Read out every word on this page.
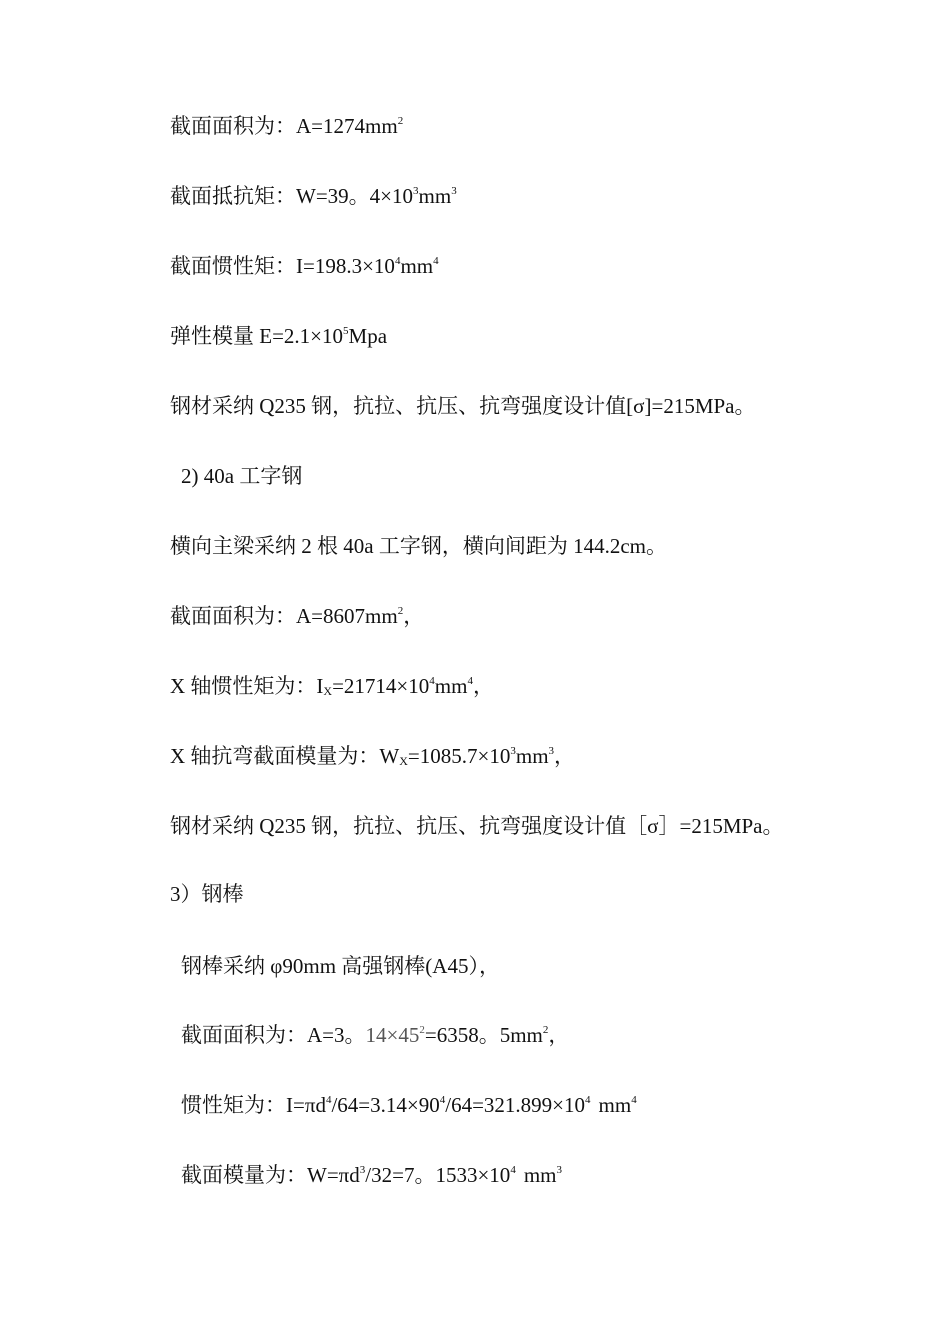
截面面积为：$A=1274mm^2$
截面抵抗矩：W=39。$4\times 10^3mm^3$
截面惯性矩：$I=198.3\times 10^4mm^4$
弹性模量 $E=2.1\times 10^5Mpa$
钢材采纳 Q235 钢，抗拉、抗压、抗弯强度设计值[σ]=215MPa。
2) 40a 工字钢
横向主梁采纳 2 根 40a 工字钢，横向间距为 144.2cm。
截面面积为：$A=8607mm^2$，
X 轴惯性矩为：$I_X=21714\times 10^4mm^4$，
X 轴抗弯截面模量为：$W_X=1085.7\times 10^3mm^3$，
钢材采纳 Q235 钢，抗拉、抗压、抗弯强度设计值［σ］=215MPa。
3）钢棒
钢棒采纳 φ90mm 高强钢棒(A45），
截面面积为：A=3。$14\times 45^2=6358$。$5mm^2$，
惯性矩为：$I=\pi d^4/64=3.14\times 90^4/64=321.899\times 10^4$ $mm^4$
截面模量为：$W=\pi d^3/32=7$。$1533\times 10^4$ $mm^3$
